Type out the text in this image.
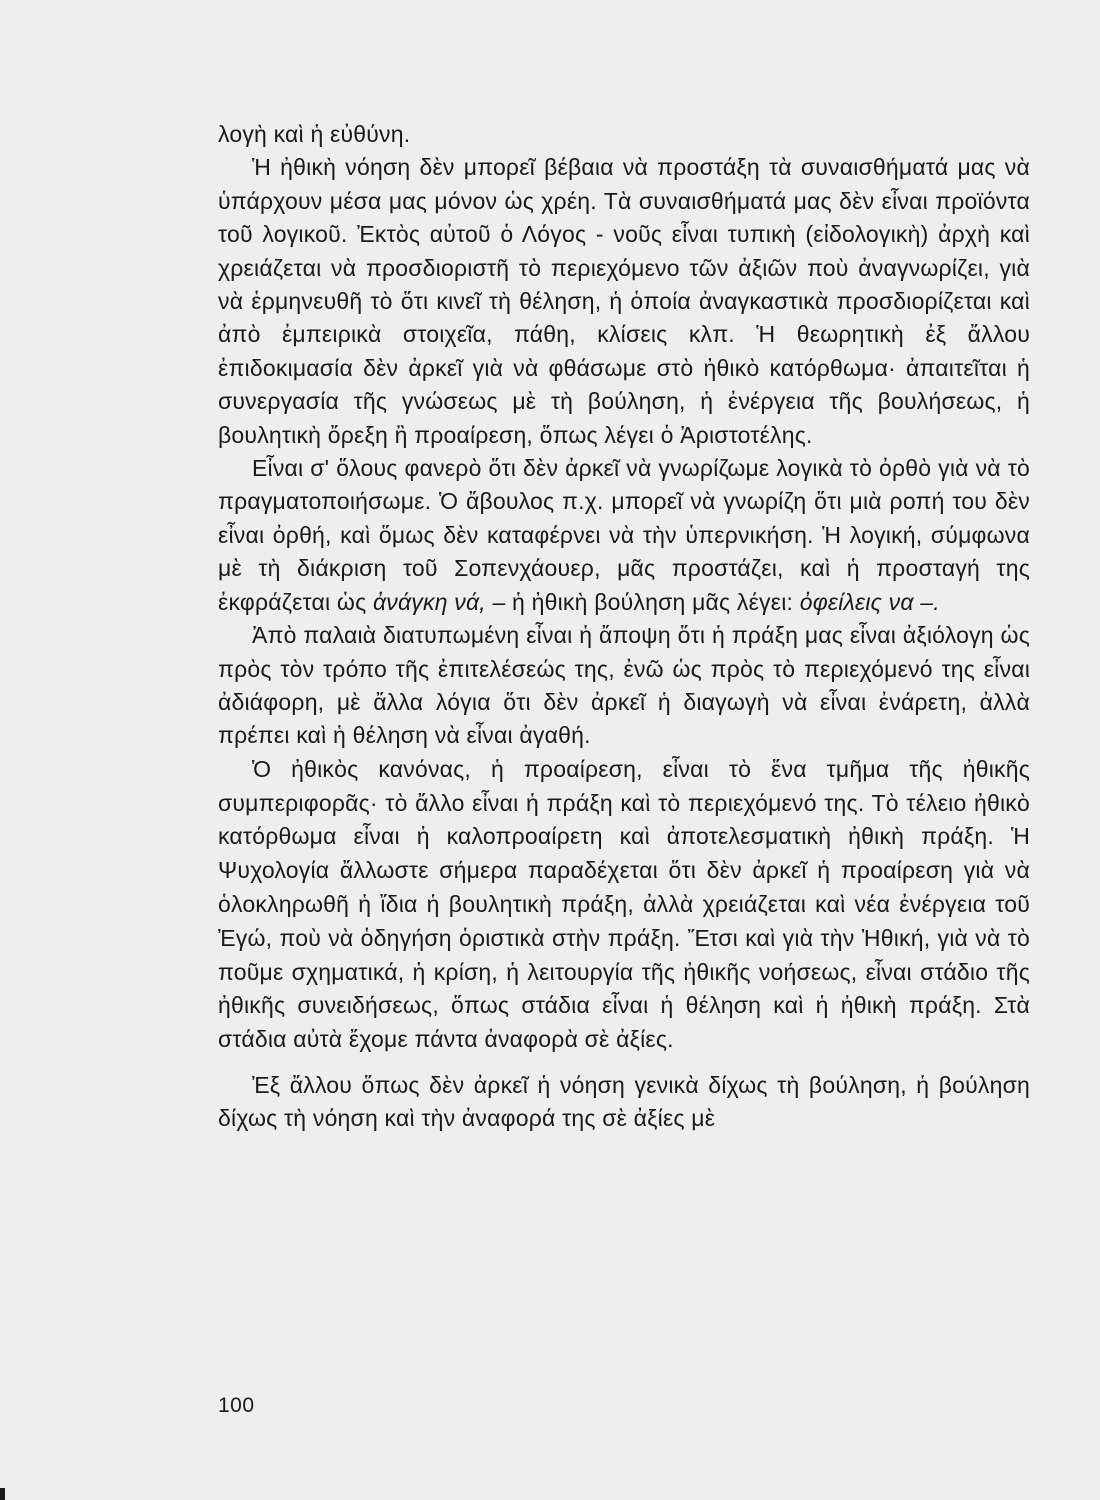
λογὴ καὶ ἡ εὐθύνη.

Ἡ ἠθικὴ νόηση δὲν μπορεῖ βέβαια νὰ προστάξη τὰ συναισθήματά μας νὰ ὑπάρχουν μέσα μας μόνον ὡς χρέη. Τὰ συναισθήματά μας δὲν εἶναι προϊόντα τοῦ λογικοῦ. Ἐκτὸς αὐτοῦ ὁ Λόγος - νοῦς εἶναι τυπικὴ (εἰδολογικὴ) ἀρχὴ καὶ χρειάζεται νὰ προσδιοριστῆ τὸ περιεχόμενο τῶν ἀξιῶν ποὺ ἀναγνωρίζει, γιὰ νὰ ἑρμηνευθῆ τὸ ὅτι κινεῖ τὴ θέληση, ἡ ὁποία ἀναγκαστικὰ προσδιορίζεται καὶ ἀπὸ ἐμπειρικὰ στοιχεῖα, πάθη, κλίσεις κλπ. Ἡ θεωρητικὴ ἐξ ἄλλου ἐπιδοκιμασία δὲν ἀρκεῖ γιὰ νὰ φθάσωμε στὸ ἠθικὸ κατόρθωμα· ἀπαιτεῖται ἡ συνεργασία τῆς γνώσεως μὲ τὴ βούληση, ἡ ἐνέργεια τῆς βουλήσεως, ἡ βουλητικὴ ὄρεξη ἢ προαίρεση, ὅπως λέγει ὁ Ἀριστοτέλης.

Εἶναι σ' ὅλους φανερὸ ὅτι δὲν ἀρκεῖ νὰ γνωρίζωμε λογικὰ τὸ ὀρθὸ γιὰ νὰ τὸ πραγματοποιήσωμε. Ὁ ἄβουλος π.χ. μπορεῖ νὰ γνωρίζη ὅτι μιὰ ροπή του δὲν εἶναι ὀρθή, καὶ ὅμως δὲν καταφέρνει νὰ τὴν ὑπερνικήση. Ἡ λογική, σύμφωνα μὲ τὴ διάκριση τοῦ Σοπενχάουερ, μᾶς προστάζει, καὶ ἡ προσταγή της ἐκφράζεται ὡς ἀνάγκη νά, – ἡ ἠθικὴ βούληση μᾶς λέγει: ὀφείλεις να –.

Ἀπὸ παλαιὰ διατυπωμένη εἶναι ἡ ἄποψη ὅτι ἡ πράξη μας εἶναι ἀξιόλογη ὡς πρὸς τὸν τρόπο τῆς ἐπιτελέσεώς της, ἐνῶ ὡς πρὸς τὸ περιεχόμενό της εἶναι ἀδιάφορη, μὲ ἄλλα λόγια ὅτι δὲν ἀρκεῖ ἡ διαγωγὴ νὰ εἶναι ἐνάρετη, ἀλλὰ πρέπει καὶ ἡ θέληση νὰ εἶναι ἀγαθή.

Ὁ ἠθικὸς κανόνας, ἡ προαίρεση, εἶναι τὸ ἕνα τμῆμα τῆς ἠθικῆς συμπεριφορᾶς· τὸ ἄλλο εἶναι ἡ πράξη καὶ τὸ περιεχόμενό της. Τὸ τέλειο ἠθικὸ κατόρθωμα εἶναι ἡ καλοπροαίρετη καὶ ἀποτελεσματικὴ ἠθικὴ πράξη. Ἡ Ψυχολογία ἄλλωστε σήμερα παραδέχεται ὅτι δὲν ἀρκεῖ ἡ προαίρεση γιὰ νὰ ὁλοκληρωθῆ ἡ ἴδια ἡ βουλητικὴ πράξη, ἀλλὰ χρειάζεται καὶ νέα ἐνέργεια τοῦ Ἐγώ, ποὺ νὰ ὁδηγήση ὁριστικὰ στὴν πράξη. Ἔτσι καὶ γιὰ τὴν Ἠθική, γιὰ νὰ τὸ ποῦμε σχηματικά, ἡ κρίση, ἡ λειτουργία τῆς ἠθικῆς νοήσεως, εἶναι στάδιο τῆς ἠθικῆς συνειδήσεως, ὅπως στάδια εἶναι ἡ θέληση καὶ ἡ ἠθικὴ πράξη. Στὰ στάδια αὐτὰ ἔχομε πάντα ἀναφορὰ σὲ ἀξίες.

Ἐξ ἄλλου ὅπως δὲν ἀρκεῖ ἡ νόηση γενικὰ δίχως τὴ βούληση, ἡ βούληση δίχως τὴ νόηση καὶ τὴν ἀναφορά της σὲ ἀξίες μὲ

100
